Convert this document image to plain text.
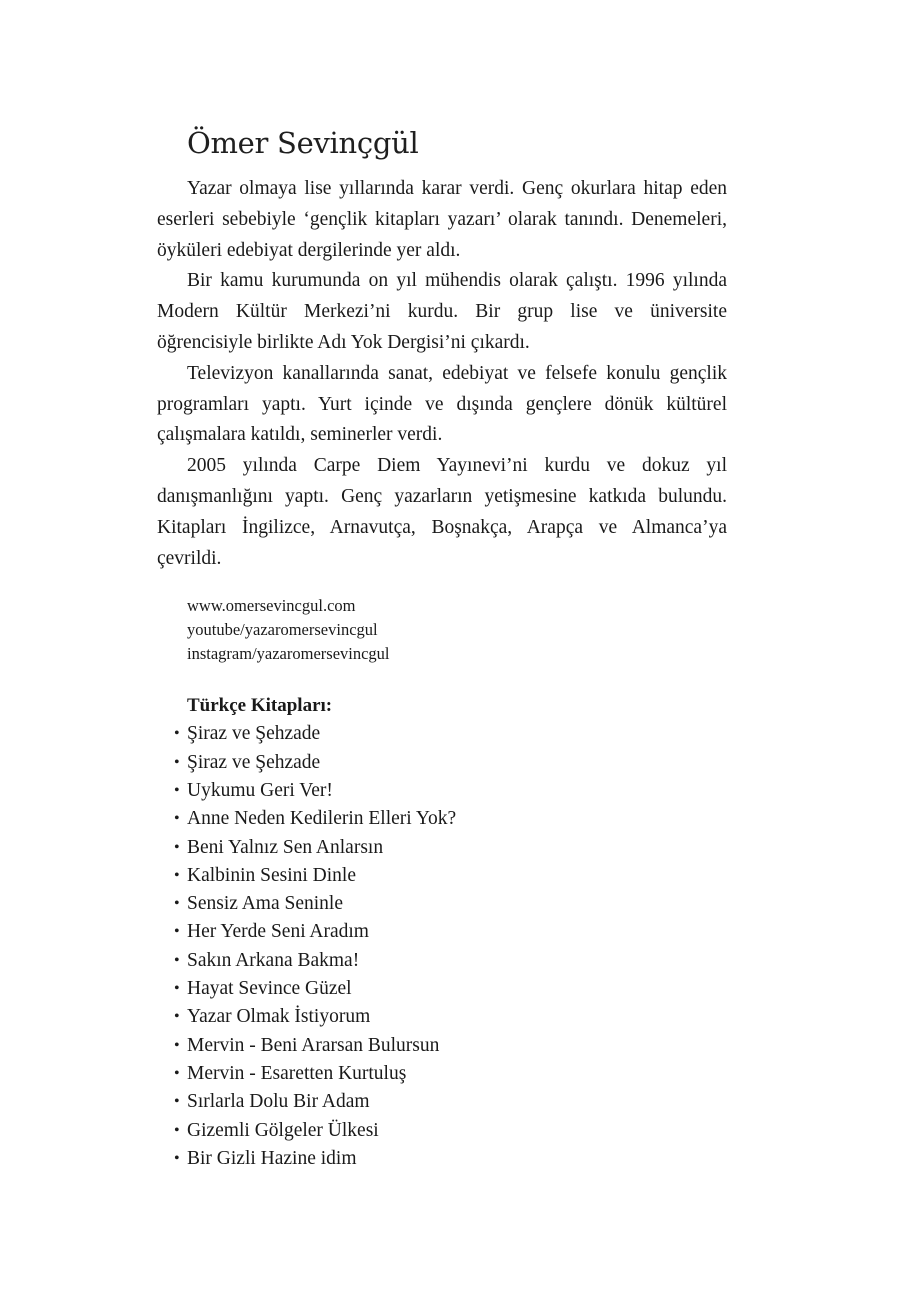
Ömer Sevinçgül

Yazar olmaya lise yıllarında karar verdi. Genç okurlara hitap eden eserleri sebebiyle ‘gençlik kitapları yazarı’ olarak tanındı. Denemeleri, öyküleri edebiyat dergilerinde yer aldı.

Bir kamu kurumunda on yıl mühendis olarak çalıştı. 1996 yılında Modern Kültür Merkezi’ni kurdu. Bir grup lise ve üniversite öğrencisiyle birlikte Adı Yok Dergisi’ni çıkardı.

Televizyon kanallarında sanat, edebiyat ve felsefe konulu gençlik programları yaptı. Yurt içinde ve dışında gençlere dönük kültürel çalışmalara katıldı, seminerler verdi.

2005 yılında Carpe Diem Yayınevi’ni kurdu ve dokuz yıl danışmanlığını yaptı. Genç yazarların yetişmesine katkıda bulundu. Kitapları İngilizce, Arnavutça, Boşnakça, Arapça ve Almanca’ya çevrildi.

www.omersevincgul.com
youtube/yazaromersevincgul
instagram/yazaromersevincgul
Türkçe Kitapları:
• Şiraz ve Şehzade
• Şiraz ve Şehzade
• Uykumu Geri Ver!
• Anne Neden Kedilerin Elleri Yok?
• Beni Yalnız Sen Anlarsın
• Kalbinin Sesini Dinle
• Sensiz Ama Seninle
• Her Yerde Seni Aradım
• Sakın Arkana Bakma!
• Hayat Sevince Güzel
• Yazar Olmak İstiyorum
• Mervin - Beni Ararsan Bulursun
• Mervin - Esaretten Kurtuluş
• Sırlarla Dolu Bir Adam
• Gizemli Gölgeler Ülkesi
• Bir Gizli Hazine idim
